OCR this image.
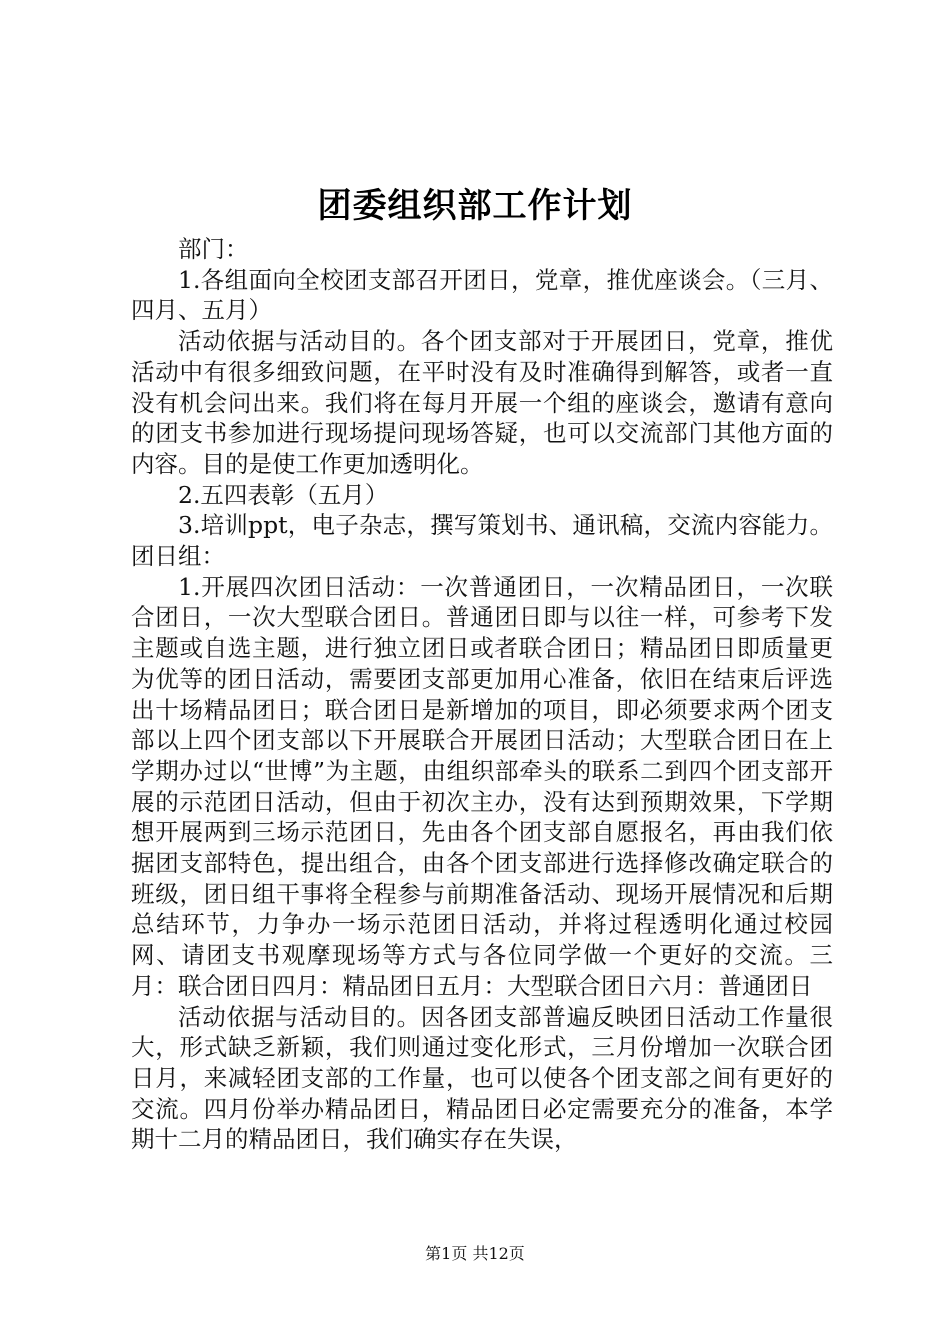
团委组织部工作计划

部门：

1.各组面向全校团支部召开团日，党章，推优座谈会。（三月、四月、五月）

活动依据与活动目的。各个团支部对于开展团日，党章，推优活动中有很多细致问题，在平时没有及时准确得到解答，或者一直没有机会问出来。我们将在每月开展一个组的座谈会，邀请有意向的团支书参加进行现场提问现场答疑，也可以交流部门其他方面的内容。目的是使工作更加透明化。

2.五四表彰（五月）

3.培训ppt，电子杂志，撰写策划书、通讯稿，交流内容能力。团日组：

1.开展四次团日活动：一次普通团日，一次精品团日，一次联合团日，一次大型联合团日。普通团日即与以往一样，可参考下发主题或自选主题，进行独立团日或者联合团日；精品团日即质量更为优等的团日活动，需要团支部更加用心准备，依旧在结束后评选出十场精品团日；联合团日是新增加的项目，即必须要求两个团支部以上四个团支部以下开展联合开展团日活动；大型联合团日在上学期办过以“世博”为主题，由组织部牵头的联系二到四个团支部开展的示范团日活动，但由于初次主办，没有达到预期效果，下学期想开展两到三场示范团日，先由各个团支部自愿报名，再由我们依据团支部特色，提出组合，由各个团支部进行选择修改确定联合的班级，团日组干事将全程参与前期准备活动、现场开展情况和后期总结环节，力争办一场示范团日活动，并将过程透明化通过校园网、请团支书观摩现场等方式与各位同学做一个更好的交流。三月：联合团日四月：精品团日五月：大型联合团日六月：普通团日

活动依据与活动目的。因各团支部普遍反映团日活动工作量很大，形式缺乏新颖，我们则通过变化形式，三月份增加一次联合团日月，来减轻团支部的工作量，也可以使各个团支部之间有更好的交流。四月份举办精品团日，精品团日必定需要充分的准备，本学期十二月的精品团日，我们确实存在失误，

第1页 共12页
